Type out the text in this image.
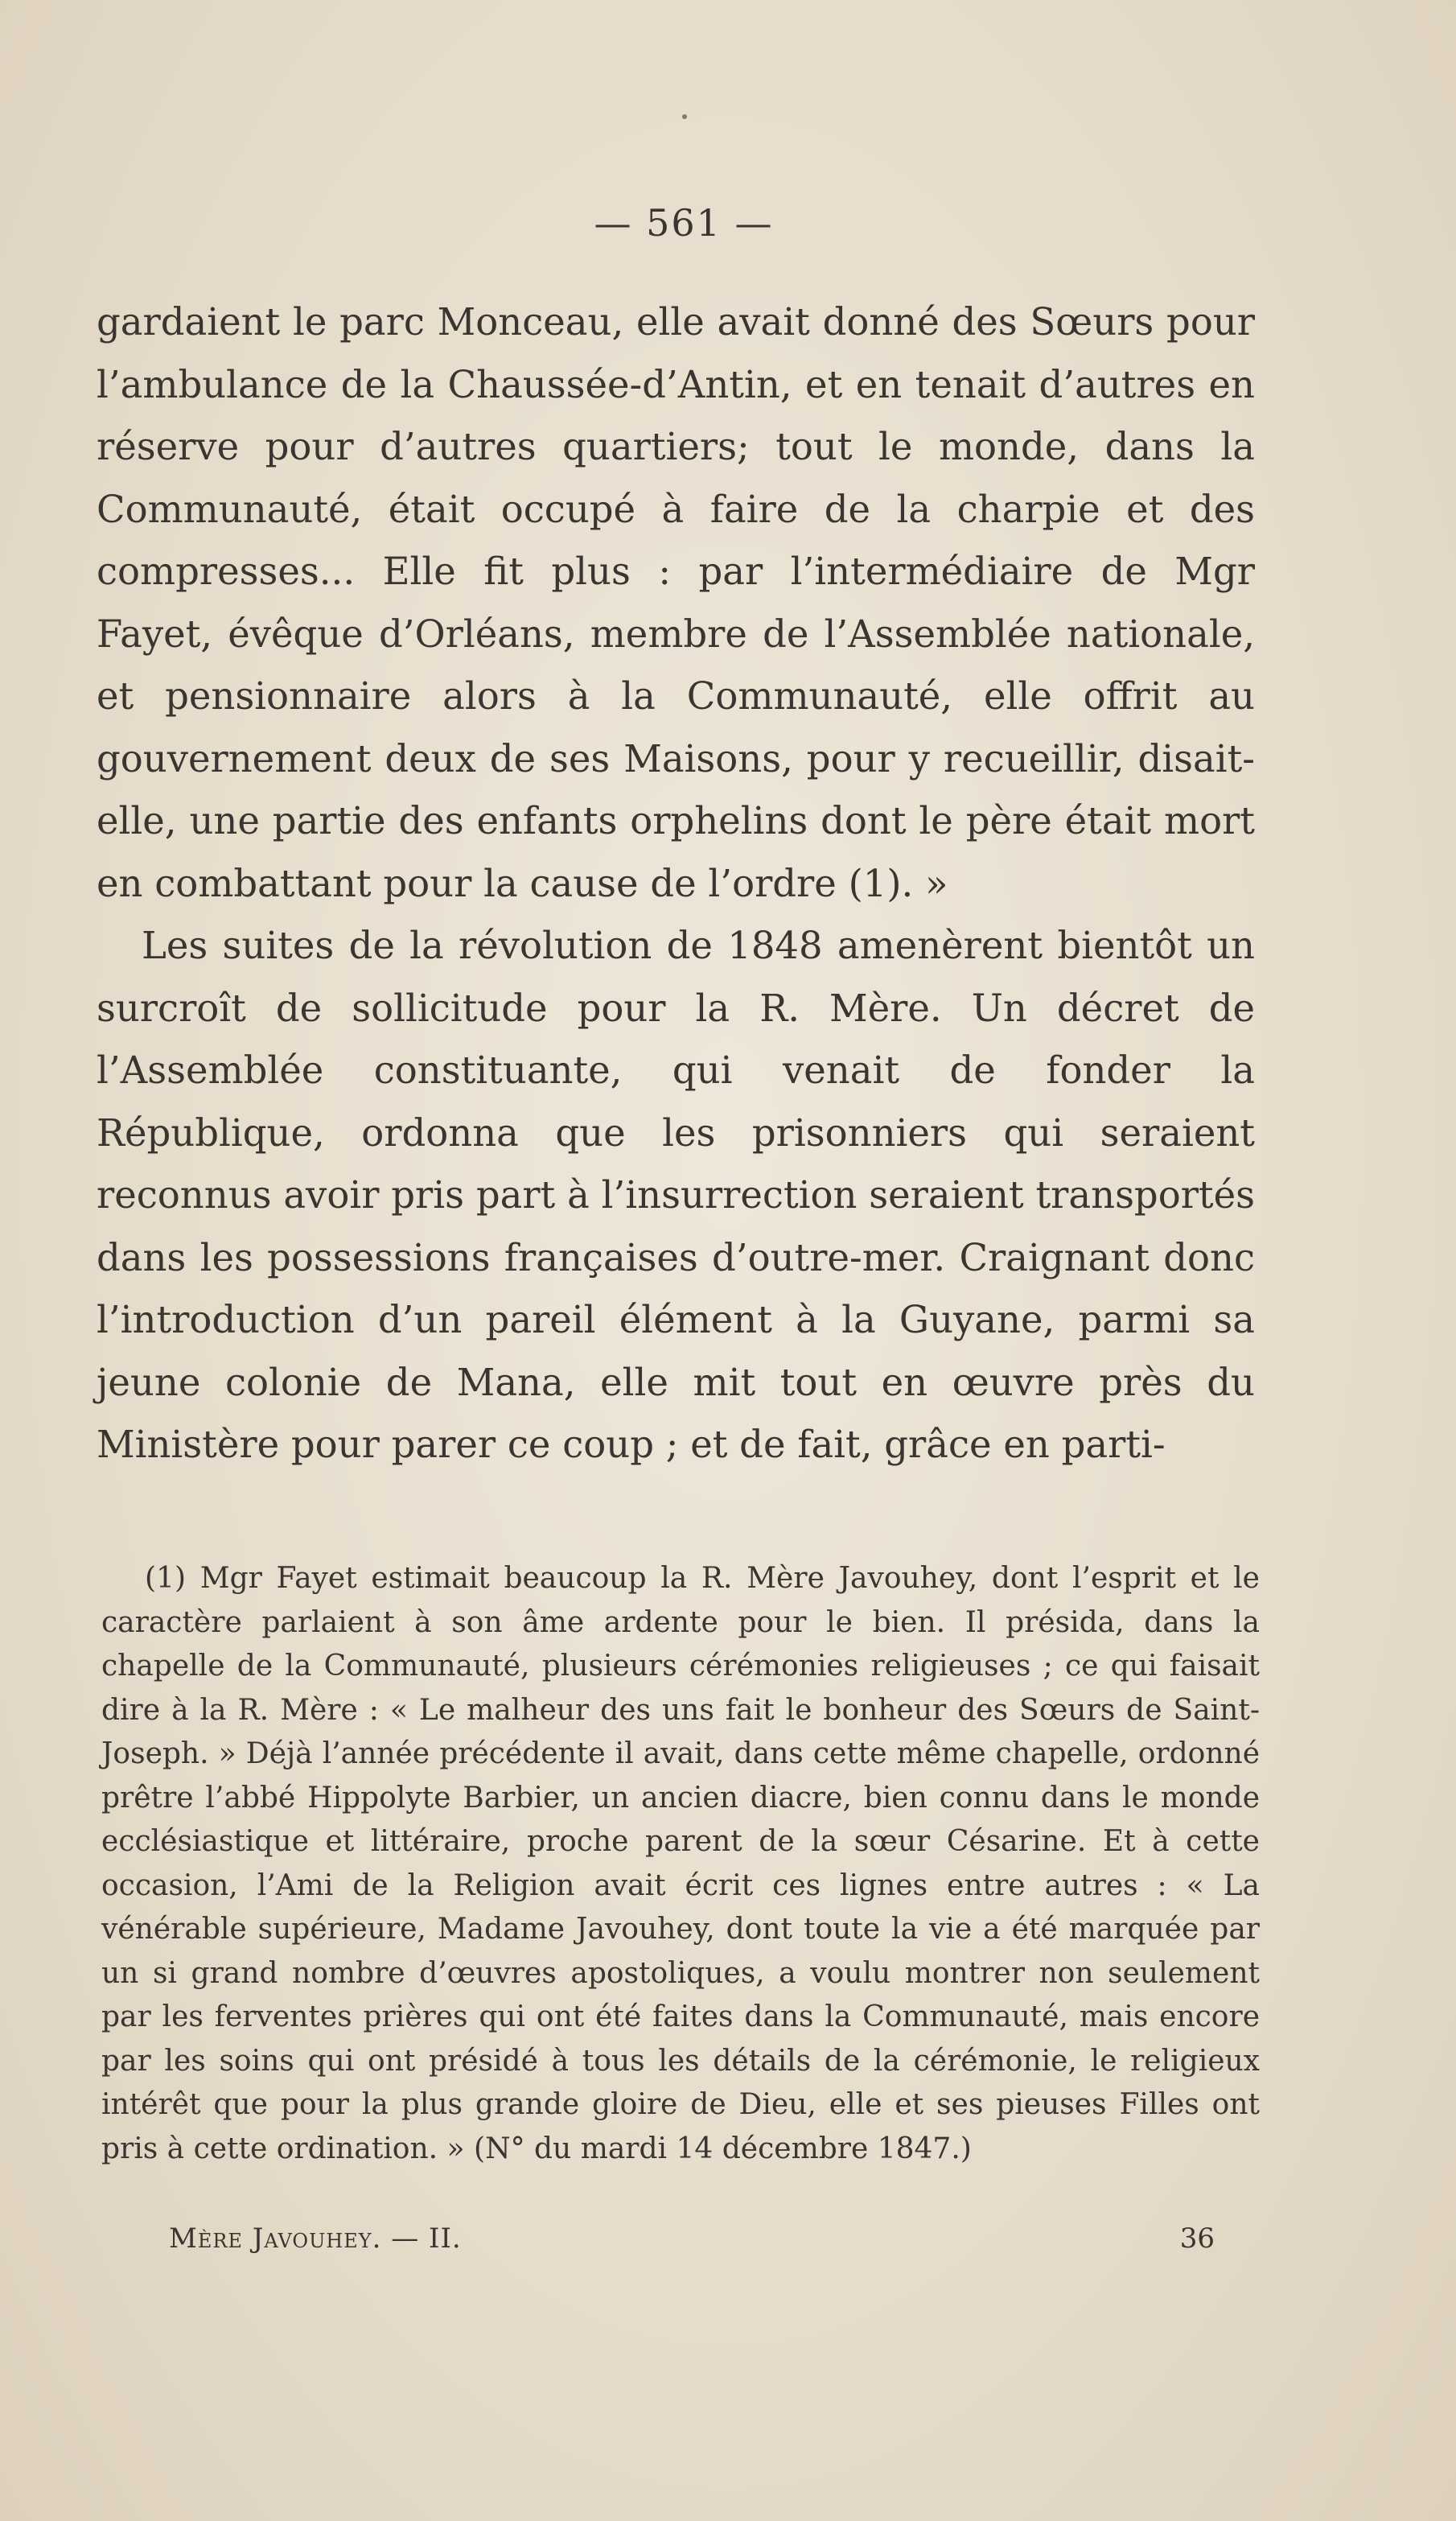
— 561 —

gardaient le parc Monceau, elle avait donné des Sœurs pour l’ambulance de la Chaussée-d’Antin, et en tenait d’autres en réserve pour d’autres quartiers; tout le monde, dans la Communauté, était occupé à faire de la charpie et des compresses... Elle fit plus : par l’intermédiaire de Mgr Fayet, évêque d’Orléans, membre de l’Assemblée nationale, et pensionnaire alors à la Communauté, elle offrit au gouvernement deux de ses Maisons, pour y recueillir, disait-elle, une partie des enfants orphelins dont le père était mort en combattant pour la cause de l’ordre (1). »

Les suites de la révolution de 1848 amenèrent bientôt un surcroît de sollicitude pour la R. Mère. Un décret de l’Assemblée constituante, qui venait de fonder la République, ordonna que les prisonniers qui seraient reconnus avoir pris part à l’insurrection seraient transportés dans les possessions françaises d’outre-mer. Craignant donc l’introduction d’un pareil élément à la Guyane, parmi sa jeune colonie de Mana, elle mit tout en œuvre près du Ministère pour parer ce coup ; et de fait, grâce en parti-

(1) Mgr Fayet estimait beaucoup la R. Mère Javouhey, dont l’esprit et le caractère parlaient à son âme ardente pour le bien. Il présida, dans la chapelle de la Communauté, plusieurs cérémonies religieuses ; ce qui faisait dire à la R. Mère : « Le malheur des uns fait le bonheur des Sœurs de Saint-Joseph. » Déjà l’année précédente il avait, dans cette même chapelle, ordonné prêtre l’abbé Hippolyte Barbier, un ancien diacre, bien connu dans le monde ecclésiastique et littéraire, proche parent de la sœur Césarine. Et à cette occasion, l’Ami de la Religion avait écrit ces lignes entre autres : « La vénérable supérieure, Madame Javouhey, dont toute la vie a été marquée par un si grand nombre d’œuvres apostoliques, a voulu montrer non seulement par les ferventes prières qui ont été faites dans la Communauté, mais encore par les soins qui ont présidé à tous les détails de la cérémonie, le religieux intérêt que pour la plus grande gloire de Dieu, elle et ses pieuses Filles ont pris à cette ordination. » (N° du mardi 14 décembre 1847.)

Mère Javouhey. — II.	36
